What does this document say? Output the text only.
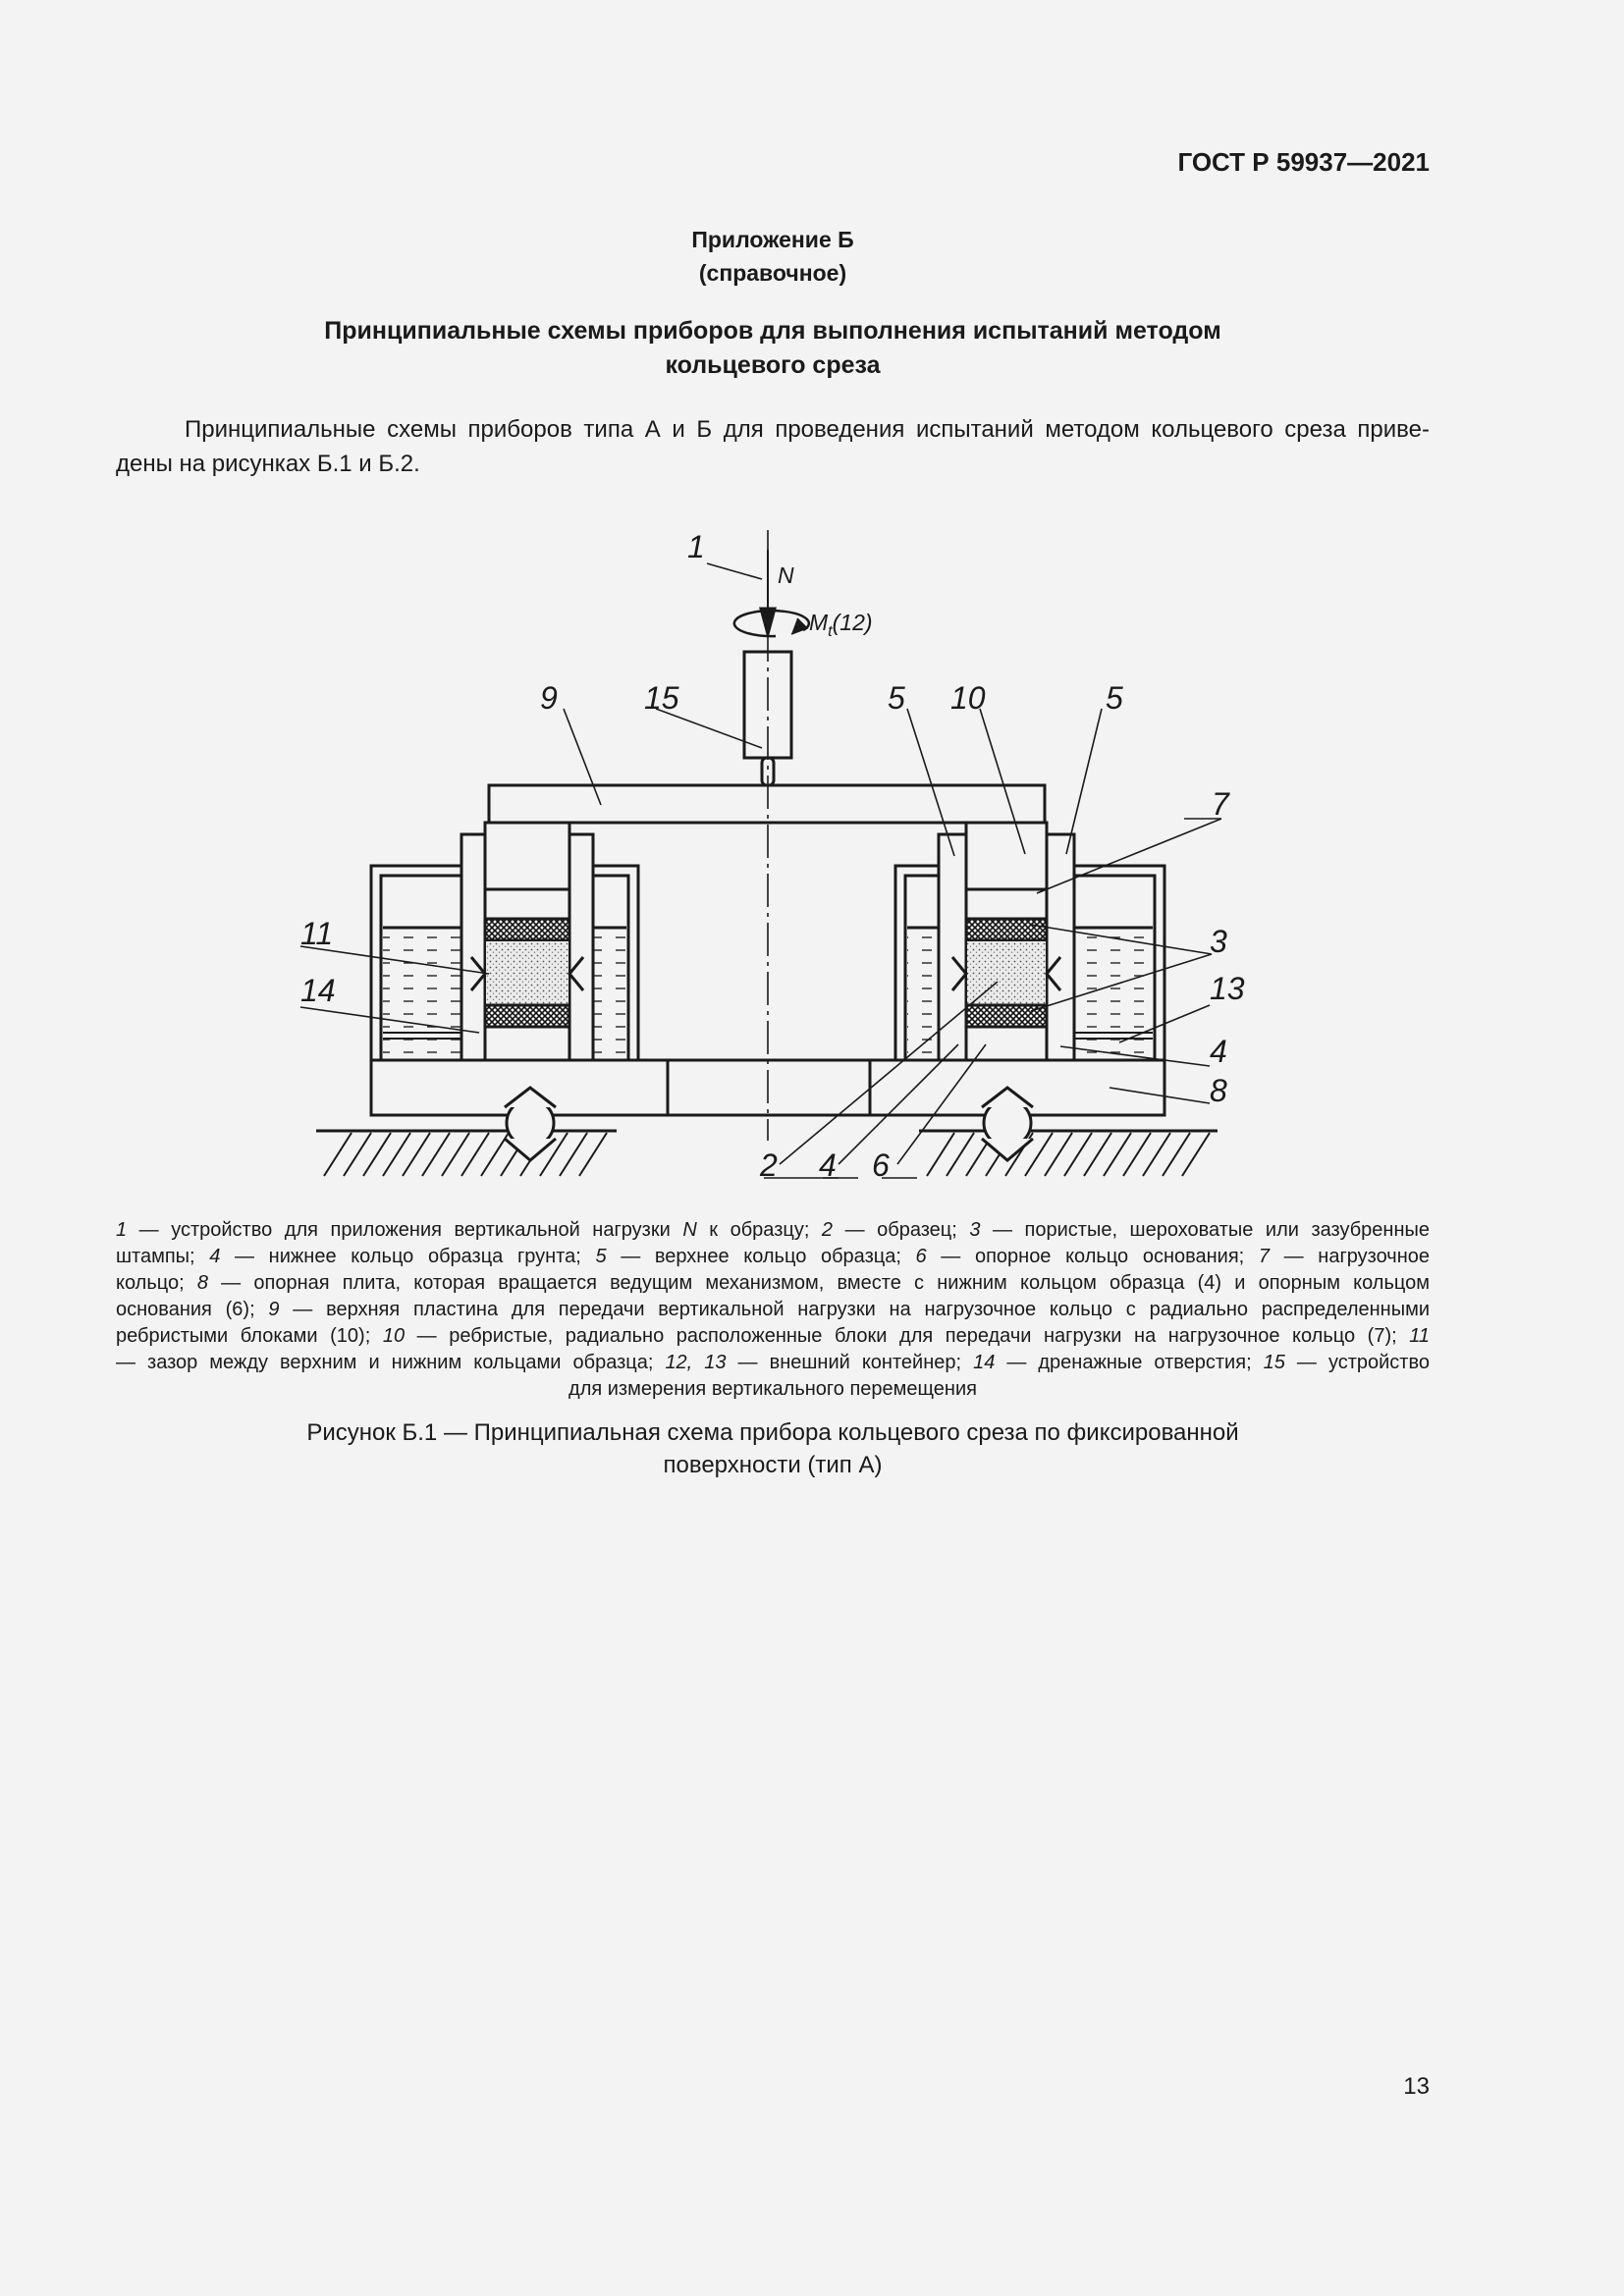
ГОСТ Р 59937—2021
Приложение Б
(справочное)
Принципиальные схемы приборов для выполнения испытаний методом
кольцевого среза

Принципиальные схемы приборов типа А и Б для проведения испытаний методом кольцевого среза приве-

дены на рисунках Б.1 и Б.2.

1
N
$M_t(12)$
9	15	5 10	5
7
11
14
3
13
4
8
2 4 6
1 — устройство для приложения вертикальной нагрузки N к образцу; 2 — образец; 3 — пористые, шероховатые или зазубренные
штампы; 4 — нижнее кольцо образца грунта; 5 — верхнее кольцо образца; 6 — опорное кольцо основания; 7 — нагрузочное
кольцо; 8 — опорная плита, которая вращается ведущим механизмом, вместе с нижним кольцом образца (4) и опорным кольцом
основания (6); 9 — верхняя пластина для передачи вертикальной нагрузки на нагрузочное кольцо с радиально распределенными
ребристыми блоками (10); 10 — ребристые, радиально расположенные блоки для передачи нагрузки на нагрузочное кольцо (7); 11
— зазор между верхним и нижним кольцами образца; 12, 13 — внешний контейнер; 14 — дренажные отверстия; 15 — устройство
для измерения вертикального перемещения
Рисунок Б.1 — Принципиальная схема прибора кольцевого среза по фиксированной
поверхности (тип А)
13
